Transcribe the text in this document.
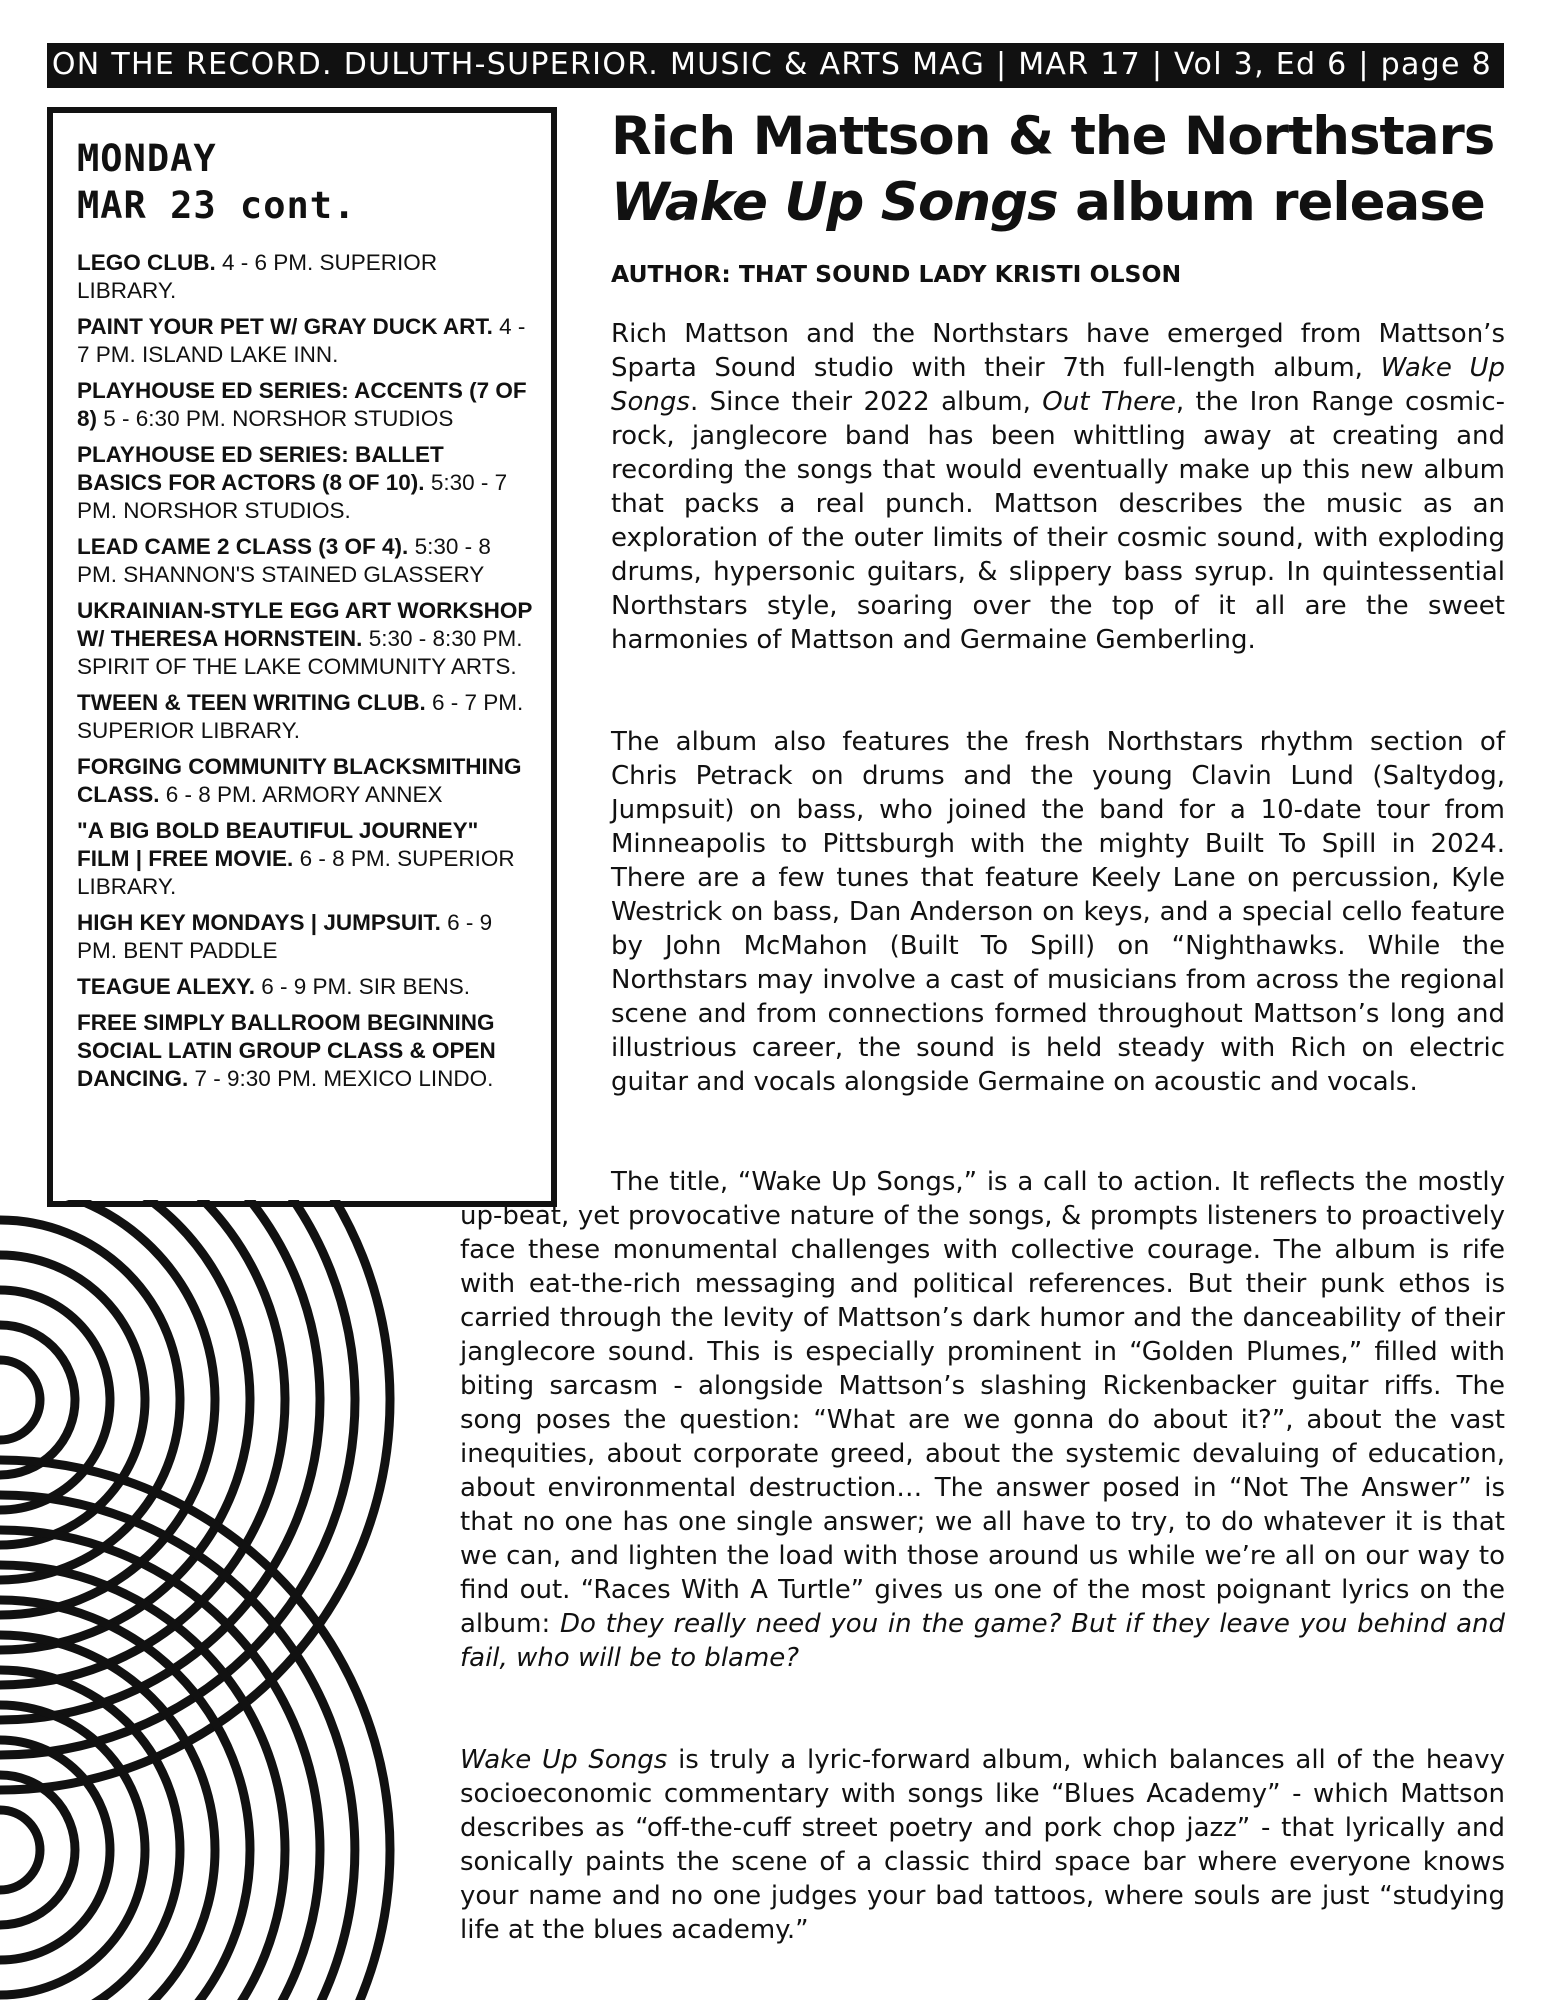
ON THE RECORD. DULUTH-SUPERIOR. MUSIC & ARTS MAG | MAR 17 | Vol 3, Ed 6 | page 8
MONDAY
MAR 23 cont.
LEGO CLUB. 4 - 6 PM. SUPERIOR LIBRARY.
PAINT YOUR PET W/ GRAY DUCK ART. 4 - 7 PM. ISLAND LAKE INN.
PLAYHOUSE ED SERIES: ACCENTS (7 OF 8) 5 - 6:30 PM. NORSHOR STUDIOS
PLAYHOUSE ED SERIES: BALLET BASICS FOR ACTORS (8 OF 10). 5:30 - 7 PM. NORSHOR STUDIOS.
LEAD CAME 2 CLASS (3 OF 4). 5:30 - 8 PM. SHANNON'S STAINED GLASSERY
UKRAINIAN-STYLE EGG ART WORKSHOP W/ THERESA HORNSTEIN. 5:30 - 8:30 PM. SPIRIT OF THE LAKE COMMUNITY ARTS.
TWEEN & TEEN WRITING CLUB. 6 - 7 PM. SUPERIOR LIBRARY.
FORGING COMMUNITY BLACKSMITHING CLASS. 6 - 8 PM. ARMORY ANNEX
"A BIG BOLD BEAUTIFUL JOURNEY" FILM | FREE MOVIE. 6 - 8 PM. SUPERIOR LIBRARY.
HIGH KEY MONDAYS | JUMPSUIT. 6 - 9 PM. BENT PADDLE
TEAGUE ALEXY. 6 - 9 PM. SIR BENS.
FREE SIMPLY BALLROOM BEGINNING SOCIAL LATIN GROUP CLASS & OPEN DANCING. 7 - 9:30 PM. MEXICO LINDO.
Rich Mattson & the Northstars
Wake Up Songs album release
AUTHOR: THAT SOUND LADY KRISTI OLSON

Rich Mattson and the Northstars have emerged from Mattson’s Sparta Sound studio with their 7th full-length album, Wake Up Songs. Since their 2022 album, Out There, the Iron Range cosmic-rock, janglecore band has been whittling away at creating and recording the songs that would eventually make up this new album that packs a real punch. Mattson describes the music as an exploration of the outer limits of their cosmic sound, with exploding drums, hypersonic guitars, & slippery bass syrup. In quintessential Northstars style, soaring over the top of it all are the sweet harmonies of Mattson and Germaine Gemberling.

The album also features the fresh Northstars rhythm section of Chris Petrack on drums and the young Clavin Lund (Saltydog, Jumpsuit) on bass, who joined the band for a 10-date tour from Minneapolis to Pittsburgh with the mighty Built To Spill in 2024. There are a few tunes that feature Keely Lane on percussion, Kyle Westrick on bass, Dan Anderson on keys, and a special cello feature by John McMahon (Built To Spill) on “Nighthawks. While the Northstars may involve a cast of musicians from across the regional scene and from connections formed throughout Mattson’s long and illustrious career, the sound is held steady with Rich on electric guitar and vocals alongside Germaine on acoustic and vocals.

The title, “Wake Up Songs,” is a call to action. It reflects the mostly up-beat, yet provocative nature of the songs, & prompts listeners to proactively face these monumental challenges with collective courage. The album is rife with eat-the-rich messaging and political references. But their punk ethos is carried through the levity of Mattson’s dark humor and the danceability of their janglecore sound. This is especially prominent in “Golden Plumes,” filled with biting sarcasm - alongside Mattson’s slashing Rickenbacker guitar riffs. The song poses the question: “What are we gonna do about it?”, about the vast inequities, about corporate greed, about the systemic devaluing of education, about environmental destruction… The answer posed in “Not The Answer” is that no one has one single answer; we all have to try, to do whatever it is that we can, and lighten the load with those around us while we’re all on our way to find out. “Races With A Turtle” gives us one of the most poignant lyrics on the album: Do they really need you in the game? But if they leave you behind and fail, who will be to blame?

Wake Up Songs is truly a lyric-forward album, which balances all of the heavy socioeconomic commentary with songs like “Blues Academy” - which Mattson describes as “off-the-cuff street poetry and pork chop jazz” - that lyrically and sonically paints the scene of a classic third space bar where everyone knows your name and no one judges your bad tattoos, where souls are just “studying life at the blues academy.”
